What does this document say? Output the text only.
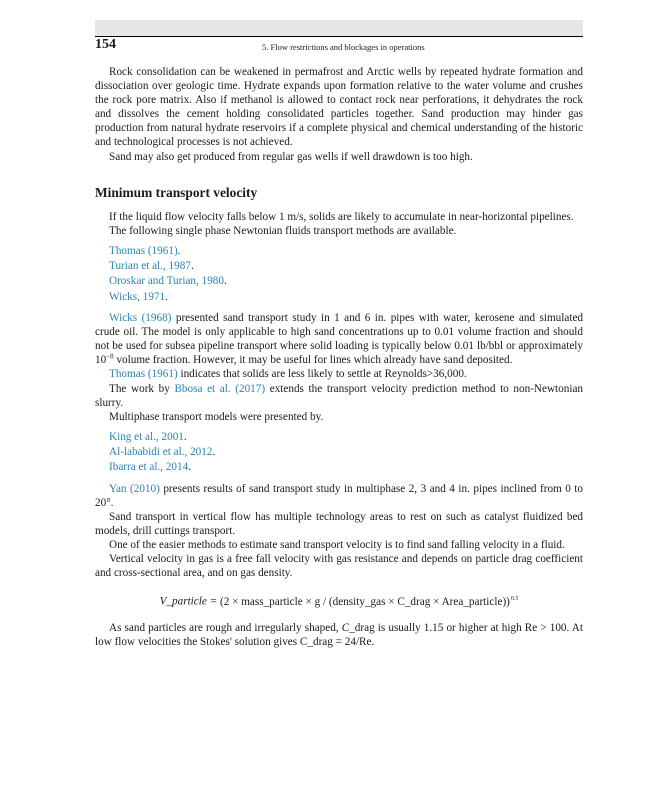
154	5. Flow restrictions and blockages in operations

Rock consolidation can be weakened in permafrost and Arctic wells by repeated hydrate formation and dissociation over geologic time. Hydrate expands upon formation relative to the water volume and crushes the rock pore matrix. Also if methanol is allowed to contact rock near perforations, it dehydrates the rock and dissolves the cement holding consolidated particles together. Sand production may hinder gas production from natural hydrate reservoirs if a complete physical and chemical understanding of the historic and technological processes is not achieved.

Sand may also get produced from regular gas wells if well drawdown is too high.

Minimum transport velocity

If the liquid flow velocity falls below 1 m/s, solids are likely to accumulate in near-horizontal pipelines.

The following single phase Newtonian fluids transport methods are available.

Thomas (1961).
Turian et al., 1987.
Oroskar and Turian, 1980.
Wicks, 1971.

Wicks (1968) presented sand transport study in 1 and 6 in. pipes with water, kerosene and simulated crude oil. The model is only applicable to high sand concentrations up to 0.01 volume fraction and should not be used for subsea pipeline transport where solid loading is typically below 0.01 lb/bbl or approximately $10^{-8}$ volume fraction. However, it may be useful for lines which already have sand deposited.

Thomas (1961) indicates that solids are less likely to settle at Reynolds>36,000.

The work by Bbosa et al. (2017) extends the transport velocity prediction method to non-Newtonian slurry.

Multiphase transport models were presented by.

King et al., 2001.
Al-lababidi et al., 2012.
Ibarra et al., 2014.

Yan (2010) presents results of sand transport study in multiphase 2, 3 and 4 in. pipes inclined from 0 to 20°.

Sand transport in vertical flow has multiple technology areas to rest on such as catalyst fluidized bed models, drill cuttings transport.

One of the easier methods to estimate sand transport velocity is to find sand falling velocity in a fluid.

Vertical velocity in gas is a free fall velocity with gas resistance and depends on particle drag coefficient and cross-sectional area, and on gas density.

V_particle = (2 × mass_particle × g / (density_gas × C_drag × Area_particle)) 0.5

As sand particles are rough and irregularly shaped, C_drag is usually 1.15 or higher at high Re > 100. At low flow velocities the Stokes' solution gives C_drag = 24/Re.
